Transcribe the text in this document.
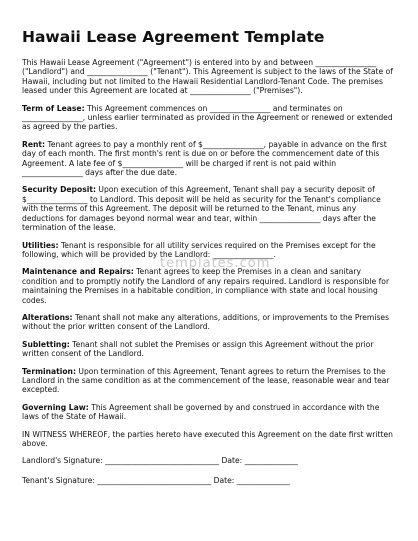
Hawaii Lease Agreement Template

This Hawaii Lease Agreement ("Agreement") is entered into by and between ________________ ("Landlord") and ________________ ("Tenant"). This Agreement is subject to the laws of the State of Hawaii, including but not limited to the Hawaii Residential Landlord-Tenant Code. The premises leased under this Agreement are located at ________________ ("Premises").

Term of Lease: This Agreement commences on ________________ and terminates on ________________, unless earlier terminated as provided in the Agreement or renewed or extended as agreed by the parties.

Rent: Tenant agrees to pay a monthly rent of $________________, payable in advance on the first day of each month. The first month's rent is due on or before the commencement date of this Agreement. A late fee of $________________ will be charged if rent is not paid within ________________ days after the due date.

Security Deposit: Upon execution of this Agreement, Tenant shall pay a security deposit of $________________ to Landlord. This deposit will be held as security for the Tenant's compliance with the terms of this Agreement. The deposit will be returned to the Tenant, minus any deductions for damages beyond normal wear and tear, within ________________ days after the termination of the lease.

Utilities: Tenant is responsible for all utility services required on the Premises except for the following, which will be provided by the Landlord: ________________.

Maintenance and Repairs: Tenant agrees to keep the Premises in a clean and sanitary condition and to promptly notify the Landlord of any repairs required. Landlord is responsible for maintaining the Premises in a habitable condition, in compliance with state and local housing codes.

Alterations: Tenant shall not make any alterations, additions, or improvements to the Premises without the prior written consent of the Landlord.

Subletting: Tenant shall not sublet the Premises or assign this Agreement without the prior written consent of the Landlord.

Termination: Upon termination of this Agreement, Tenant agrees to return the Premises to the Landlord in the same condition as at the commencement of the lease, reasonable wear and tear excepted.

Governing Law: This Agreement shall be governed by and construed in accordance with the laws of the State of Hawaii.

IN WITNESS WHEREOF, the parties hereto have executed this Agreement on the date first written above.

Landlord's Signature: ______________________________ Date: ______________
Tenant's Signature: ______________________________ Date: ______________
templates.com
